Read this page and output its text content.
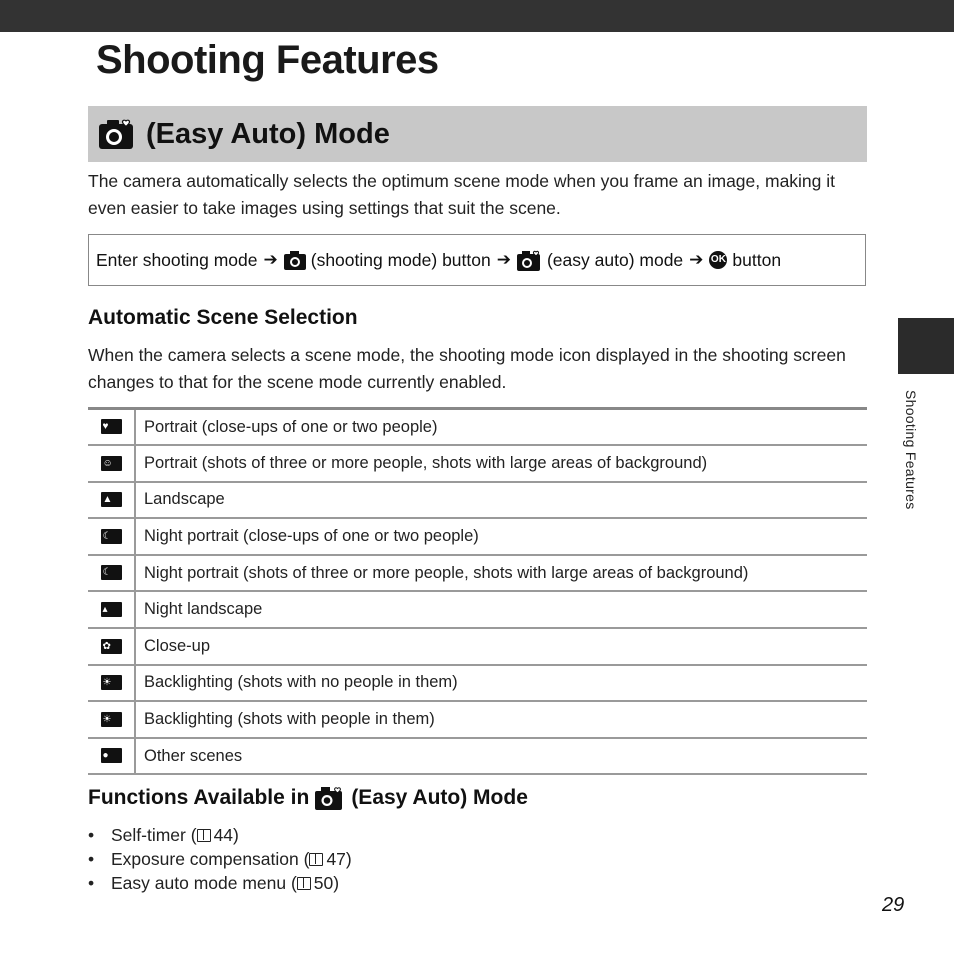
Shooting Features
(Easy Auto) Mode

The camera automatically selects the optimum scene mode when you frame an image, making it even easier to take images using settings that suit the scene.

Enter shooting mode ➔ (shooting mode) button ➔ (easy auto) mode ➔ OK button
Automatic Scene Selection

When the camera selects a scene mode, the shooting mode icon displayed in the shooting screen changes to that for the scene mode currently enabled.

♥	Portrait (close-ups of one or two people)

☺	Portrait (shots of three or more people, shots with large areas of background)

▲	Landscape

☾	Night portrait (close-ups of one or two people)

☾	Night portrait (shots of three or more people, shots with large areas of background)

▴	Night landscape

✿	Close-up

☀	Backlighting (shots with no people in them)

☀	Backlighting (shots with people in them)

●	Other scenes
Functions Available in (Easy Auto) Mode
• Self-timer ( 44)
• Exposure compensation ( 47)
• Easy auto mode menu ( 50)
Shooting Features
29
